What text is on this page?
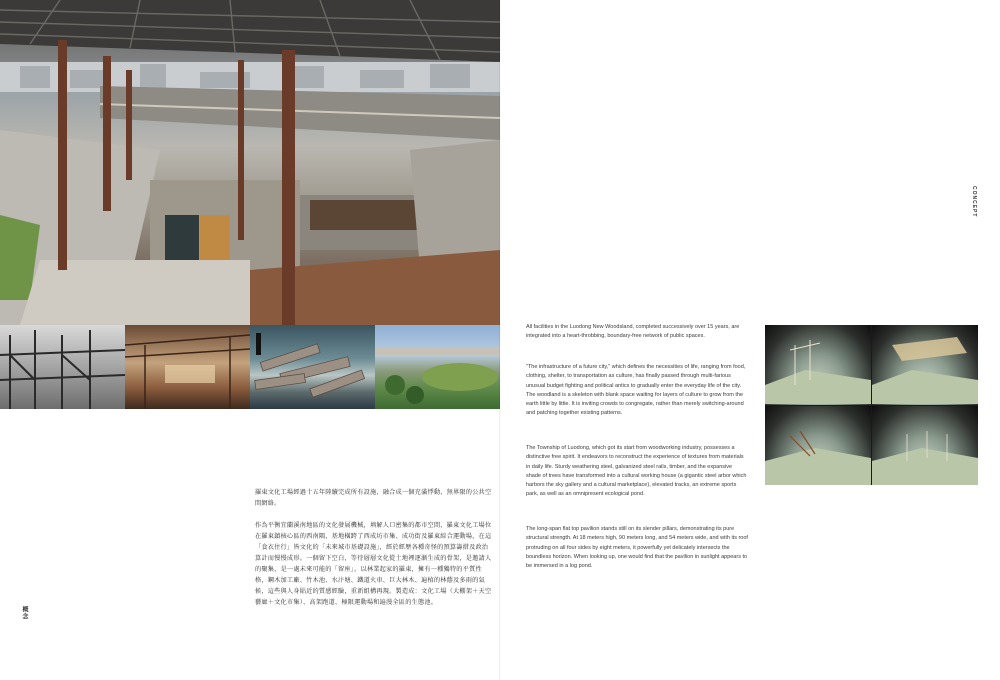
羅東文化工場經過十五年陸續完成所有設施，融合成一個充滿悸動、無界限的公共空間網絡。
作為平衡宜蘭溪南地區的文化發展機械，填解人口密集的都市空間，羅東文化工場位在羅東鎮核心區的西南隅，基地橫跨了西成坊市集、成功街及羅東綜合運動場，在這「食衣住行」皆文化的「未來城市基礎設施」，經於經歷各種奇怪的預算籌措及政治算計而慢慢成形。一個留下空白，等待層層文化從土地裡逐漸生成的骨架，是邀請人的聚集，是一處未來可能的「留座」。以林業起家的羅東，擁有一種獨特的平質性格，鋼木加工廠、竹木池、水汴塘、鐵道火車、巨大林木、遍植的林蔭及多雨的氣候，這些與人身貼近的質感經驗，重新組構再現。製造成：文化工場（大棚架＋天空藝廊＋文化市集）、高架跑道、極限運動場和遍漫全區的生態池。
概念
CONCEPT
All facilities in the Luodong New Woodsland, completed successively over 15 years, are integrated into a heart-throbbing, boundary-free network of public spaces.
"The infrastructure of a future city," which defines the necessities of life, ranging from food, clothing, shelter, to transportation as culture, has finally passed through multi-farious unusual budget fighting and political antics to gradually enter the everyday life of the city. The woodland is a skeleton with blank space waiting for layers of culture to grow from the earth little by little. It is inviting crowds to congregate, rather than merely switching-around and patching together existing patterns.
The Township of Luodong, which got its start from woodworking industry, possesses a distinctive free spirit. It endeavors to reconstruct the experience of textures from materials in daily life. Sturdy weathering steel, galvanized steel rails, timber, and the expansive shade of trees have transformed into a cultural working house (a gigantic steel arbor which harbors the sky gallery and a cultural marketplace), elevated tracks, an extreme sports park, as well as an omnipresent ecological pond.
The long-span flat top pavilion stands still on its slender pillars, demonstrating its pure structural strength. At 18 meters high, 90 meters long, and 54 meters wide, and with its roof protruding on all four sides by eight meters, it powerfully yet delicately intersects the boundless horizon. When looking up, one would find that the pavilion in sunlight appears to be immersed in a log pond.
